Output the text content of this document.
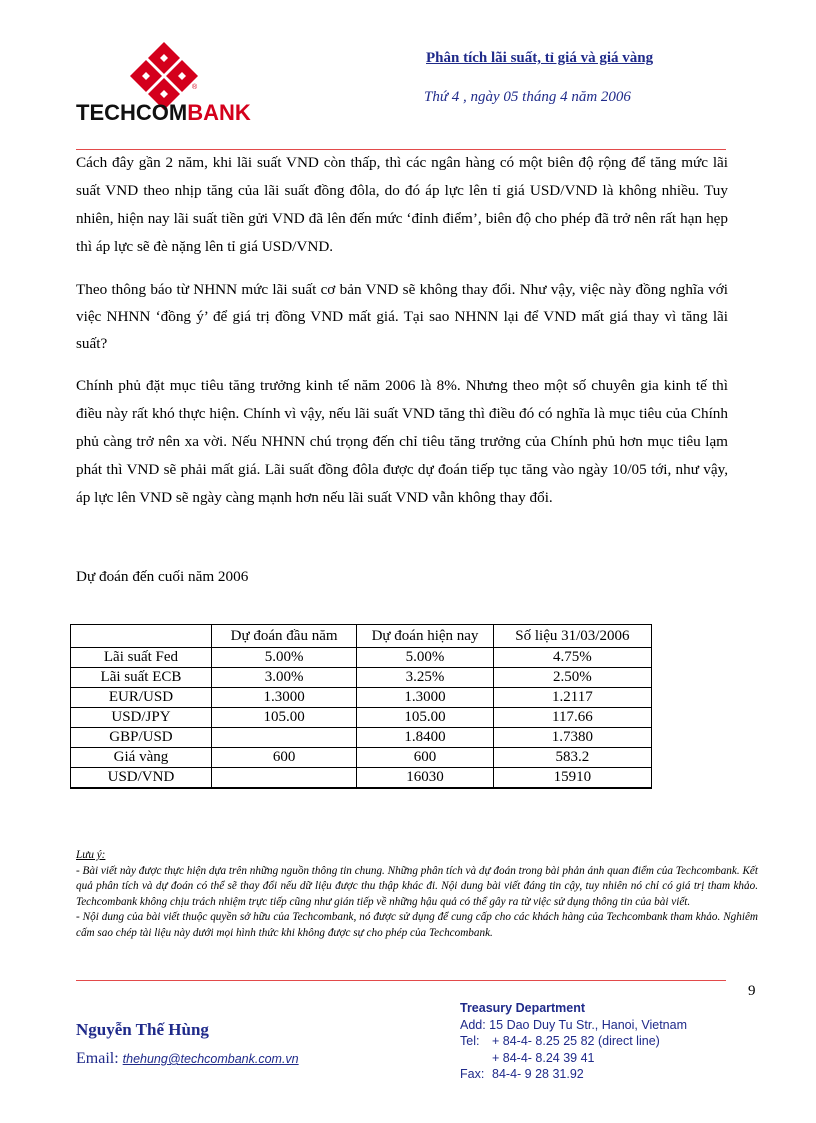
®
TECHCOMBANK
Phân tích lãi suất, tỉ giá và giá vàng
Thứ 4 , ngày 05 tháng 4 năm 2006
Cách đây gần 2 năm, khi lãi suất VND còn thấp, thì các ngân hàng có một biên độ rộng để tăng mức lãi suất VND theo nhịp tăng của lãi suất đồng đôla, do đó áp lực lên tỉ giá USD/VND là không nhiều. Tuy nhiên, hiện nay lãi suất tiền gửi VND đã lên đến mức ‘đỉnh điểm’, biên độ cho phép đã trở nên rất hạn hẹp thì áp lực sẽ đè nặng lên tỉ giá USD/VND.
Theo thông báo từ NHNN mức lãi suất cơ bản VND sẽ không thay đổi. Như vậy, việc này đồng nghĩa với việc NHNN ‘đồng ý’ để giá trị đồng VND mất giá. Tại sao NHNN lại để VND mất giá thay vì tăng lãi suất?
Chính phủ đặt mục tiêu tăng trưởng kinh tế năm 2006 là 8%. Nhưng theo một số chuyên gia kinh tế thì điều này rất khó thực hiện. Chính vì vậy, nếu lãi suất VND tăng thì điều đó có nghĩa là mục tiêu của Chính phủ càng trở nên xa vời. Nếu NHNN chú trọng đến chỉ tiêu tăng trưởng của Chính phủ hơn mục tiêu lạm phát thì VND sẽ phải mất giá. Lãi suất đồng đôla được dự đoán tiếp tục tăng vào ngày 10/05 tới, như vậy, áp lực lên VND sẽ ngày càng mạnh hơn nếu lãi suất VND vẫn không thay đổi.
Dự đoán đến cuối năm 2006
	Dự đoán đầu năm	Dự đoán hiện nay	Số liệu 31/03/2006
Lãi suất Fed	5.00%	5.00%	4.75%
Lãi suất ECB	3.00%	3.25%	2.50%
EUR/USD	1.3000	1.3000	1.2117
USD/JPY	105.00	105.00	117.66
GBP/USD		1.8400	1.7380
Giá vàng	600	600	583.2
USD/VND		16030	15910
Lưu ý:
- Bài viết này được thực hiện dựa trên những nguồn thông tin chung. Những phân tích và dự đoán trong bài phản ánh quan điểm của Techcombank. Kết quả phân tích và dự đoán có thể sẽ thay đổi nếu dữ liệu được thu thập khác đi. Nội dung bài viết đáng tin cậy, tuy nhiên nó chỉ có giá trị tham khảo. Techcombank không chịu trách nhiệm trực tiếp cũng như gián tiếp về những hậu quả có thể gây ra từ việc sử dụng thông tin của bài viết.
- Nội dung của bài viết thuộc quyền sở hữu của Techcombank, nó được sử dụng để cung cấp cho các khách hàng của Techcombank tham khảo. Nghiêm cấm sao chép tài liệu này dưới mọi hình thức khi không được sự cho phép của Techcombank.
9
Nguyễn Thế Hùng
Email: thehung@techcombank.com.vn
Treasury Department
Add: 15 Dao Duy Tu Str., Hanoi, Vietnam
Tel: + 84-4- 8.25 25 82 (direct line)
+ 84-4- 8.24 39 41
Fax: 84-4- 9 28 31.92
